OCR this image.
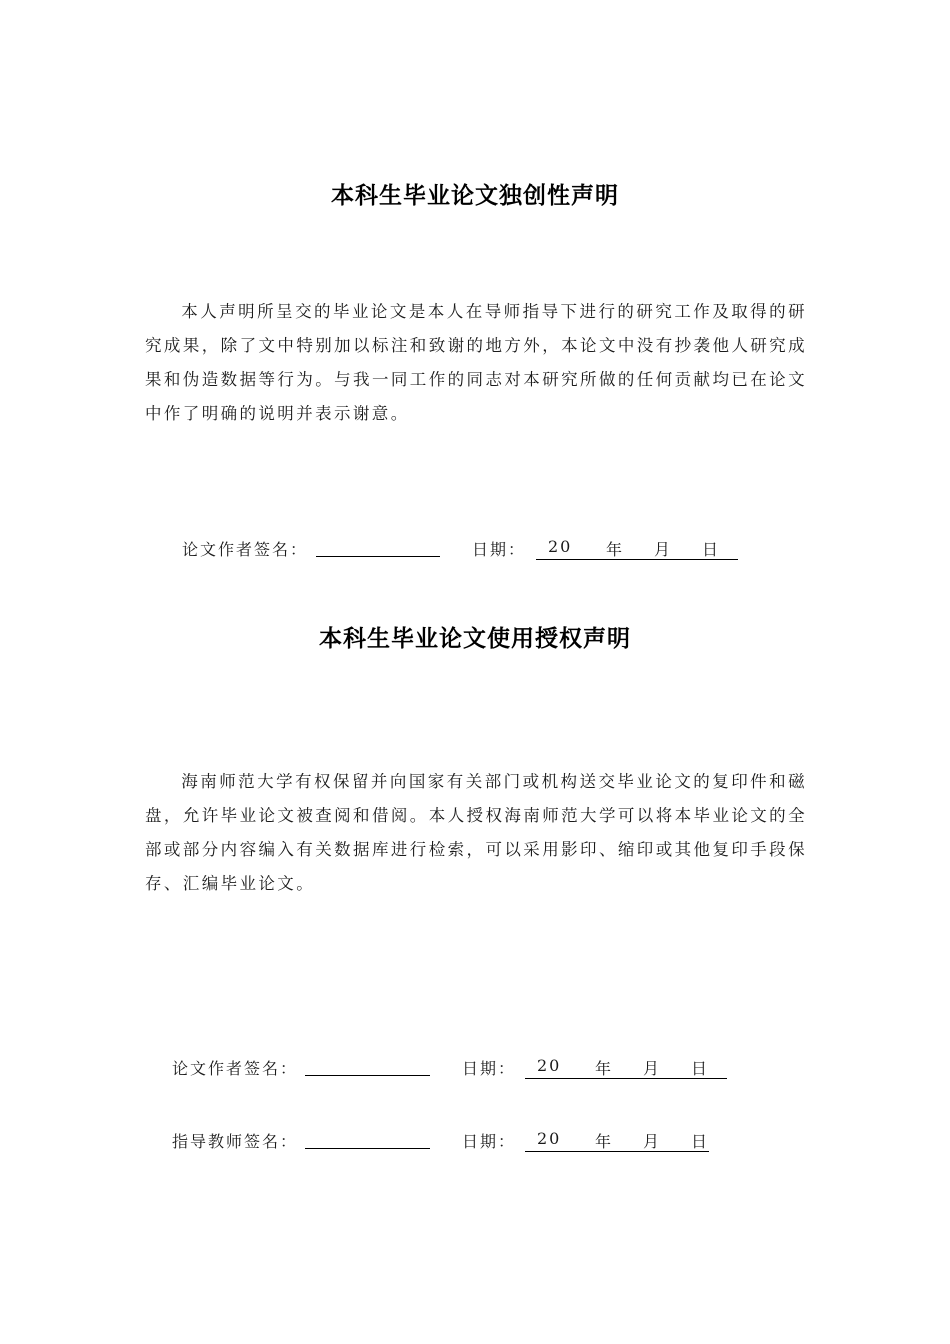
本科生毕业论文独创性声明
本人声明所呈交的毕业论文是本人在导师指导下进行的研究工作及取得的研究成果，除了文中特别加以标注和致谢的地方外，本论文中没有抄袭他人研究成果和伪造数据等行为。与我一同工作的同志对本研究所做的任何贡献均已在论文中作了明确的说明并表示谢意。
论文作者签名：	日期： 20 年 月 日
本科生毕业论文使用授权声明
海南师范大学有权保留并向国家有关部门或机构送交毕业论文的复印件和磁盘，允许毕业论文被查阅和借阅。本人授权海南师范大学可以将本毕业论文的全部或部分内容编入有关数据库进行检索，可以采用影印、缩印或其他复印手段保存、汇编毕业论文。
论文作者签名：	日期： 20 年 月 日
指导教师签名：	日期： 20 年 月 日
